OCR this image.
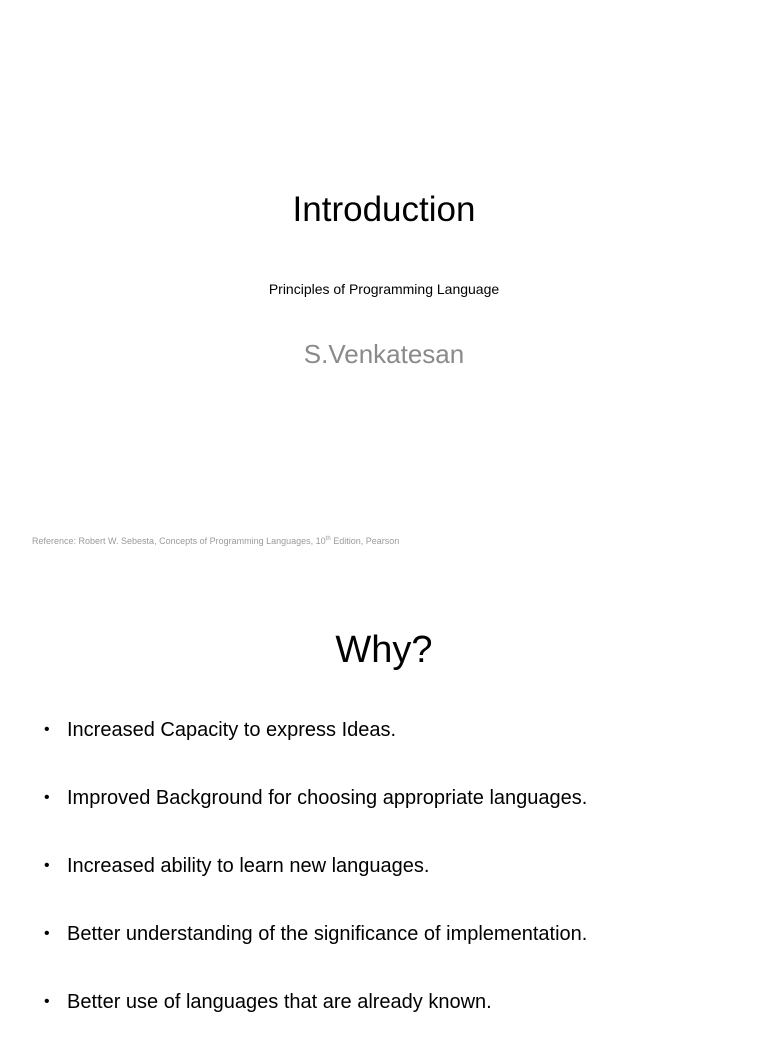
Introduction
Principles of Programming Language
S.Venkatesan
Reference: Robert W. Sebesta, Concepts of Programming Languages, 10th Edition, Pearson
Why?
• Increased Capacity to express Ideas.
• Improved Background for choosing appropriate languages.
• Increased ability to learn new languages.
• Better understanding of the significance of implementation.
• Better use of languages that are already known.
